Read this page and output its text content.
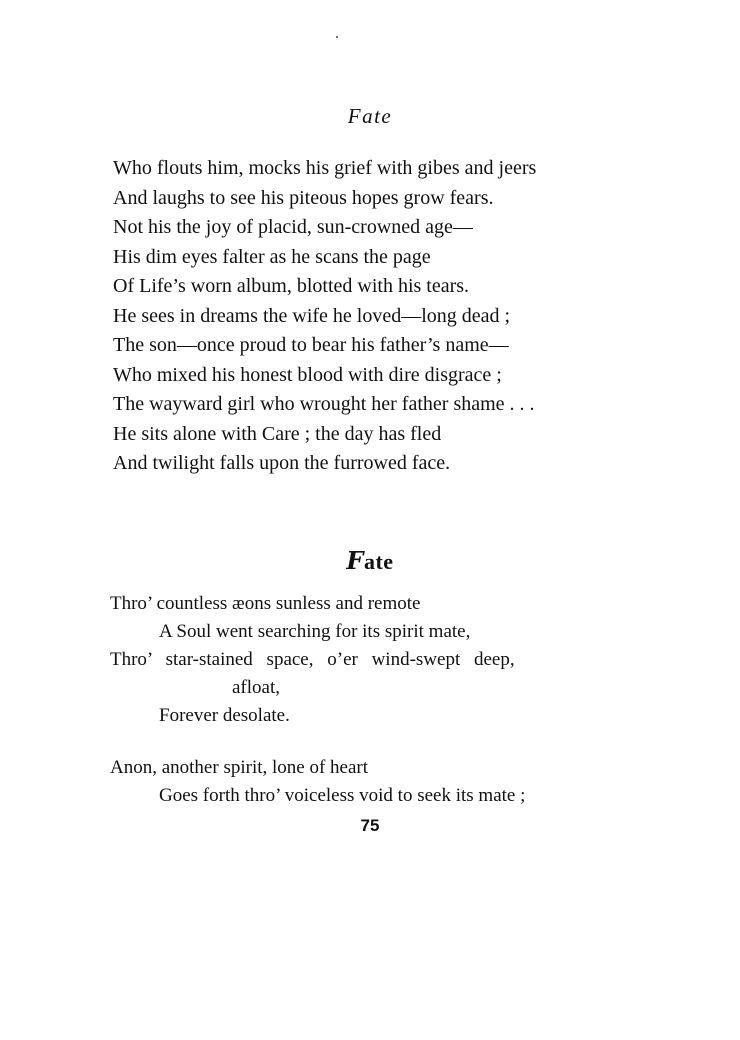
Fate
Who flouts him, mocks his grief with gibes and jeers
And laughs to see his piteous hopes grow fears.
Not his the joy of placid, sun-crowned age—
His dim eyes falter as he scans the page
Of Life’s worn album, blotted with his tears.
He sees in dreams the wife he loved—long dead ;
The son—once proud to bear his father’s name—
Who mixed his honest blood with dire disgrace ;
The wayward girl who wrought her father shame . . .
He sits alone with Care ; the day has fled
And twilight falls upon the furrowed face.
Fate
Thro’ countless æons sunless and remote
A Soul went searching for its spirit mate,
Thro’ star-stained space, o’er wind-swept deep,
afloat,
Forever desolate.
Anon, another spirit, lone of heart
Goes forth thro’ voiceless void to seek its mate ;
75
